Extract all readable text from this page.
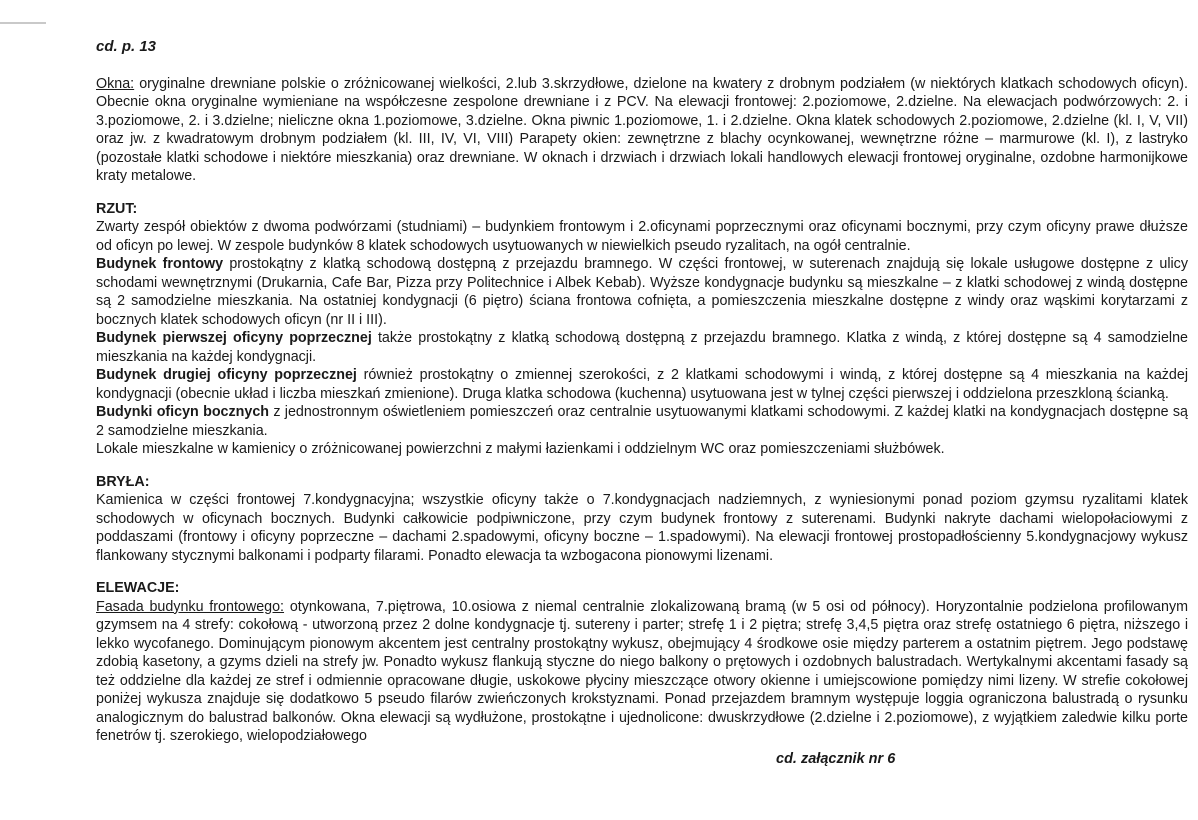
cd. p. 13

Okna: oryginalne drewniane polskie o zróżnicowanej wielkości, 2.lub 3.skrzydłowe, dzielone na kwatery z drobnym podziałem (w niektórych klatkach schodowych oficyn). Obecnie okna oryginalne wymieniane na współczesne zespolone drewniane i z PCV. Na elewacji frontowej: 2.poziomowe, 2.dzielne. Na elewacjach podwórzowych: 2. i 3.poziomowe, 2. i 3.dzielne; nieliczne okna 1.poziomowe, 3.dzielne. Okna piwnic 1.poziomowe, 1. i 2.dzielne. Okna klatek schodowych 2.poziomowe, 2.dzielne (kl. I, V, VII) oraz jw. z kwadratowym drobnym podziałem (kl. III, IV, VI, VIII) Parapety okien: zewnętrzne z blachy ocynkowanej, wewnętrzne różne – marmurowe (kl. I), z lastryko (pozostałe klatki schodowe i niektóre mieszkania) oraz drewniane. W oknach i drzwiach i drzwiach lokali handlowych elewacji frontowej oryginalne, ozdobne harmonijkowe kraty metalowe.

RZUT:

Zwarty zespół obiektów z dwoma podwórzami (studniami) – budynkiem frontowym i 2.oficynami poprzecznymi oraz oficynami bocznymi, przy czym oficyny prawe dłuższe od oficyn po lewej. W zespole budynków 8 klatek schodowych usytuowanych w niewielkich pseudo ryzalitach, na ogół centralnie.

Budynek frontowy prostokątny z klatką schodową dostępną z przejazdu bramnego. W części frontowej, w suterenach znajdują się lokale usługowe dostępne z ulicy schodami wewnętrznymi (Drukarnia, Cafe Bar, Pizza przy Politechnice i Albek Kebab). Wyższe kondygnacje budynku są mieszkalne – z klatki schodowej z windą dostępne są 2 samodzielne mieszkania. Na ostatniej kondygnacji (6 piętro) ściana frontowa cofnięta, a pomieszczenia mieszkalne dostępne z windy oraz wąskimi korytarzami z bocznych klatek schodowych oficyn (nr II i III).

Budynek pierwszej oficyny poprzecznej także prostokątny z klatką schodową dostępną z przejazdu bramnego. Klatka z windą, z której dostępne są 4 samodzielne mieszkania na każdej kondygnacji.

Budynek drugiej oficyny poprzecznej również prostokątny o zmiennej szerokości, z 2 klatkami schodowymi i windą, z której dostępne są 4 mieszkania na każdej kondygnacji (obecnie układ i liczba mieszkań zmienione). Druga klatka schodowa (kuchenna) usytuowana jest w tylnej części pierwszej i oddzielona przeszkloną ścianką.

Budynki oficyn bocznych z jednostronnym oświetleniem pomieszczeń oraz centralnie usytuowanymi klatkami schodowymi. Z każdej klatki na kondygnacjach dostępne są 2 samodzielne mieszkania.

Lokale mieszkalne w kamienicy o zróżnicowanej powierzchni z małymi łazienkami i oddzielnym WC oraz pomieszczeniami służbówek.

BRYŁA:

Kamienica w części frontowej 7.kondygnacyjna; wszystkie oficyny także o 7.kondygnacjach nadziemnych, z wyniesionymi ponad poziom gzymsu ryzalitami klatek schodowych w oficynach bocznych. Budynki całkowicie podpiwniczone, przy czym budynek frontowy z suterenami. Budynki nakryte dachami wielopołaciowymi z poddaszami (frontowy i oficyny poprzeczne – dachami 2.spadowymi, oficyny boczne – 1.spadowymi). Na elewacji frontowej prostopadłościenny 5.kondygnacjowy wykusz flankowany stycznymi balkonami i podparty filarami. Ponadto elewacja ta wzbogacona pionowymi lizenami.

ELEWACJE:

Fasada budynku frontowego: otynkowana, 7.piętrowa, 10.osiowa z niemal centralnie zlokalizowaną bramą (w 5 osi od północy). Horyzontalnie podzielona profilowanym gzymsem na 4 strefy: cokołową - utworzoną przez 2 dolne kondygnacje tj. sutereny i parter; strefę 1 i 2 piętra; strefę 3,4,5 piętra oraz strefę ostatniego 6 piętra, niższego i lekko wycofanego. Dominującym pionowym akcentem jest centralny prostokątny wykusz, obejmujący 4 środkowe osie między parterem a ostatnim piętrem. Jego podstawę zdobią kasetony, a gzyms dzieli na strefy jw. Ponadto wykusz flankują styczne do niego balkony o prętowych i ozdobnych balustradach. Wertykalnymi akcentami fasady są też oddzielne dla każdej ze stref i odmiennie opracowane długie, uskokowe płyciny mieszczące otwory okienne i umiejscowione pomiędzy nimi lizeny. W strefie cokołowej poniżej wykusza znajduje się dodatkowo 5 pseudo filarów zwieńczonych krokstyznami. Ponad przejazdem bramnym występuje loggia ograniczona balustradą o rysunku analogicznym do balustrad balkonów. Okna elewacji są wydłużone, prostokątne i ujednolicone: dwuskrzydłowe (2.dzielne i 2.poziomowe), z wyjątkiem zaledwie kilku porte fenetrów tj. szerokiego, wielopodziałowego

cd. załącznik nr 6
